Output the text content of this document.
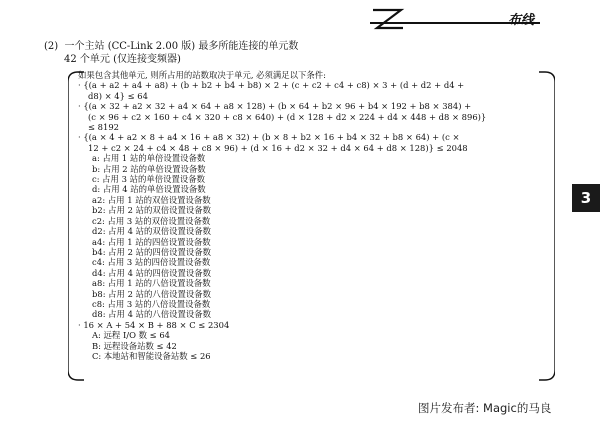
布线
3
(2) 一个主站 (CC-Link 2.00 版) 最多所能连接的单元数
42 个单元 (仅连接变频器)
如果包含其他单元, 则所占用的站数取决于单元, 必须满足以下条件:
· {(a + a2 + a4 + a8) + (b + b2 + b4 + b8) × 2 + (c + c2 + c4 + c8) × 3 + (d + d2 + d4 +
d8) × 4} ≤ 64
· {(a × 32 + a2 × 32 + a4 × 64 + a8 × 128) + (b × 64 + b2 × 96 + b4 × 192 + b8 × 384) +
(c × 96 + c2 × 160 + c4 × 320 + c8 × 640) + (d × 128 + d2 × 224 + d4 × 448 + d8 × 896)}
≤ 8192
· {(a × 4 + a2 × 8 + a4 × 16 + a8 × 32) + (b × 8 + b2 × 16 + b4 × 32 + b8 × 64) + (c ×
12 + c2 × 24 + c4 × 48 + c8 × 96) + (d × 16 + d2 × 32 + d4 × 64 + d8 × 128)} ≤ 2048
a: 占用 1 站的单倍设置设备数
b: 占用 2 站的单倍设置设备数
c: 占用 3 站的单倍设置设备数
d: 占用 4 站的单倍设置设备数
a2: 占用 1 站的双倍设置设备数
b2: 占用 2 站的双倍设置设备数
c2: 占用 3 站的双倍设置设备数
d2: 占用 4 站的双倍设置设备数
a4: 占用 1 站的四倍设置设备数
b4: 占用 2 站的四倍设置设备数
c4: 占用 3 站的四倍设置设备数
d4: 占用 4 站的四倍设置设备数
a8: 占用 1 站的八倍设置设备数
b8: 占用 2 站的八倍设置设备数
c8: 占用 3 站的八倍设置设备数
d8: 占用 4 站的八倍设置设备数
· 16 × A + 54 × B + 88 × C ≤ 2304
A: 远程 I/O 数 ≤ 64
B: 远程设备站数 ≤ 42
C: 本地站和智能设备站数 ≤ 26
图片发布者: Magic的马良
